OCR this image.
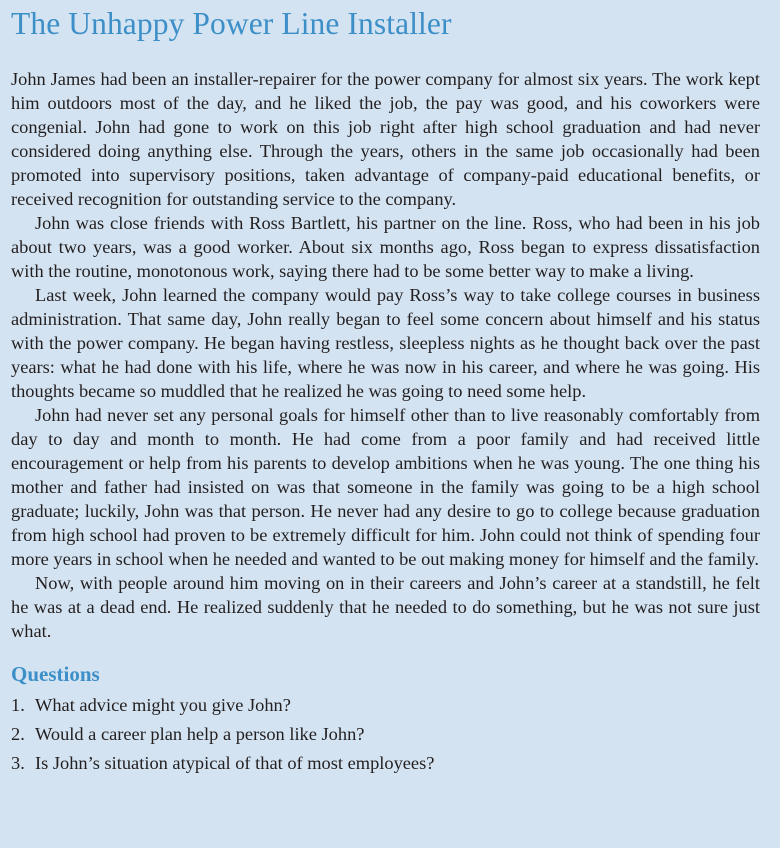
The Unhappy Power Line Installer

John James had been an installer-repairer for the power company for almost six years. The work kept him outdoors most of the day, and he liked the job, the pay was good, and his coworkers were congenial. John had gone to work on this job right after high school graduation and had never considered doing anything else. Through the years, others in the same job occasionally had been promoted into supervisory positions, taken advantage of company-paid educational benefits, or received recognition for outstanding service to the company.

John was close friends with Ross Bartlett, his partner on the line. Ross, who had been in his job about two years, was a good worker. About six months ago, Ross began to express dissatisfaction with the routine, monotonous work, saying there had to be some better way to make a living.

Last week, John learned the company would pay Ross’s way to take college courses in business administration. That same day, John really began to feel some concern about himself and his status with the power company. He began having restless, sleepless nights as he thought back over the past years: what he had done with his life, where he was now in his career, and where he was going. His thoughts became so muddled that he realized he was going to need some help.

John had never set any personal goals for himself other than to live reasonably comfortably from day to day and month to month. He had come from a poor family and had received little encouragement or help from his parents to develop ambitions when he was young. The one thing his mother and father had insisted on was that someone in the family was going to be a high school graduate; luckily, John was that person. He never had any desire to go to college because graduation from high school had proven to be extremely difficult for him. John could not think of spending four more years in school when he needed and wanted to be out making money for himself and the family.

Now, with people around him moving on in their careers and John’s career at a standstill, he felt he was at a dead end. He realized suddenly that he needed to do something, but he was not sure just what.

Questions
1. What advice might you give John?
2. Would a career plan help a person like John?
3. Is John’s situation atypical of that of most employees?
